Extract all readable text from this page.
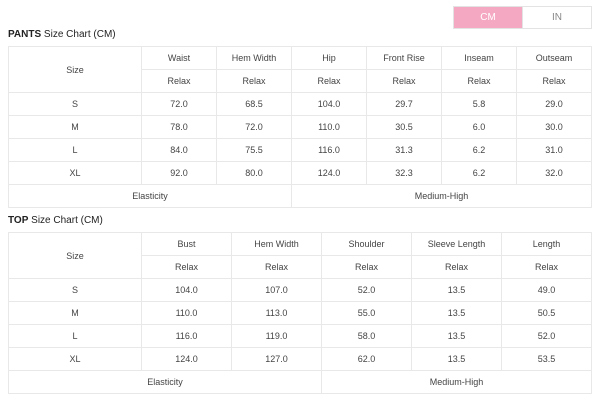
CM	IN
PANTS Size Chart (CM)
Size	Waist	Hem Width	Hip	Front Rise	Inseam	Outseam
	Relax	Relax	Relax	Relax	Relax	Relax
S	72.0	68.5	104.0	29.7	5.8	29.0
M	78.0	72.0	110.0	30.5	6.0	30.0
L	84.0	75.5	116.0	31.3	6.2	31.0
XL	92.0	80.0	124.0	32.3	6.2	32.0
Elasticity			Medium-High			
TOP Size Chart (CM)
Size	Bust	Hem Width	Shoulder	Sleeve Length	Length
	Relax	Relax	Relax	Relax	Relax
S	104.0	107.0	52.0	13.5	49.0
M	110.0	113.0	55.0	13.5	50.5
L	116.0	119.0	58.0	13.5	52.0
XL	124.0	127.0	62.0	13.5	53.5
Elasticity			Medium-High		
